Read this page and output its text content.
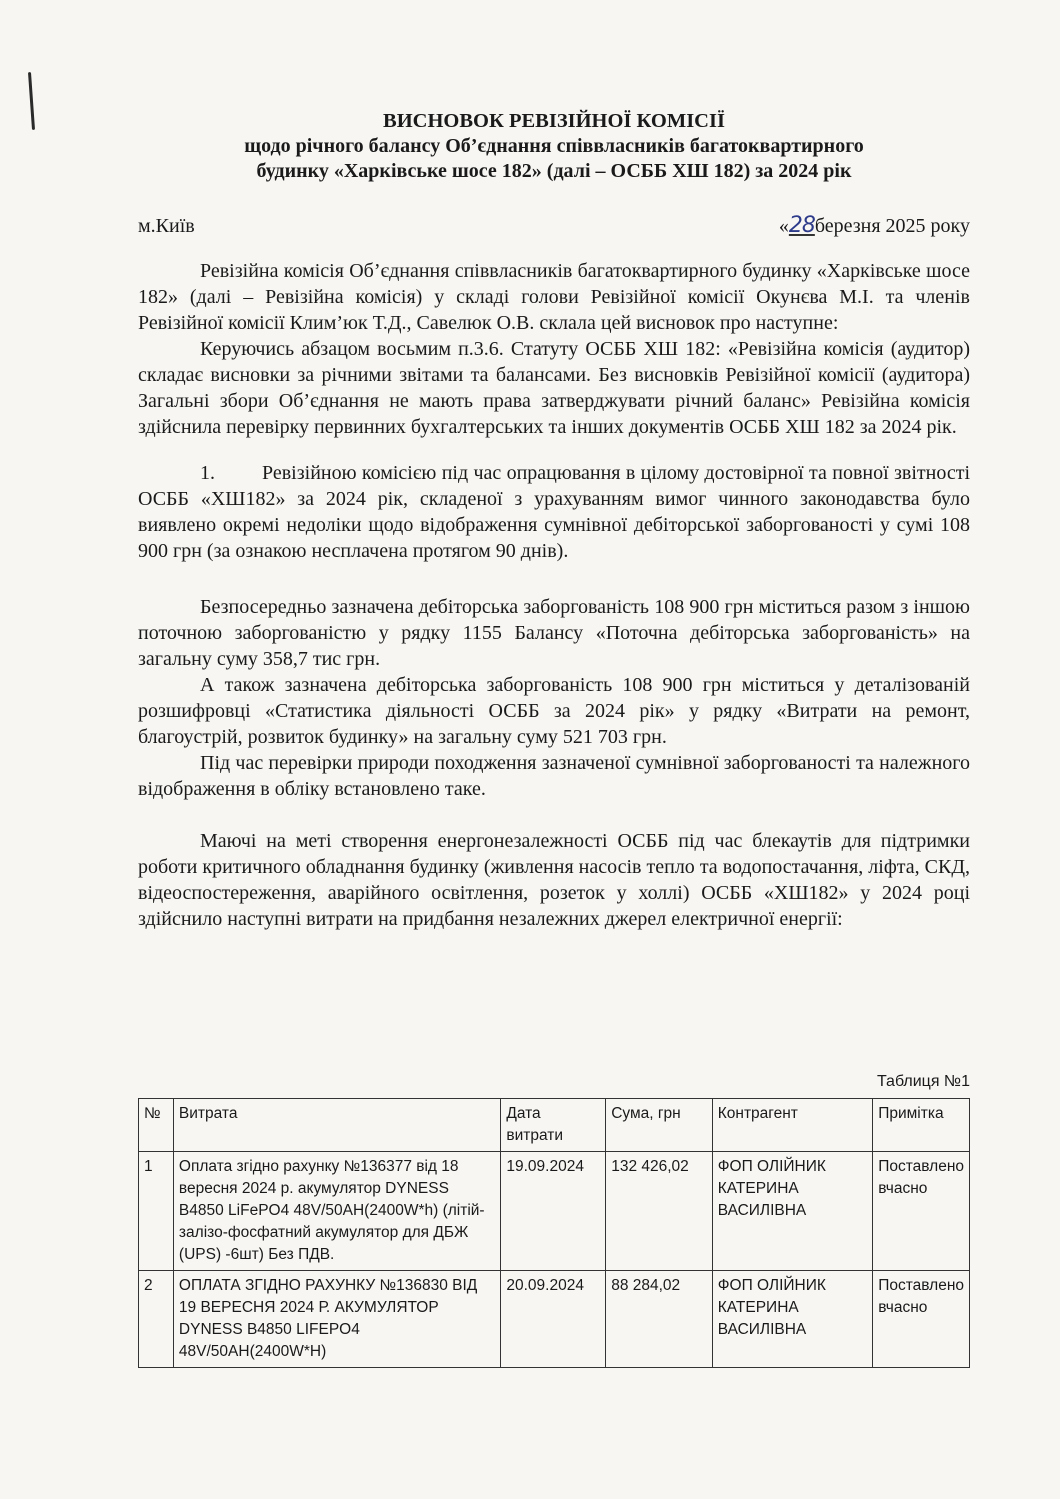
ВИСНОВОК РЕВІЗІЙНОЇ КОМІСІЇ
щодо річного балансу Об’єднання співвласників багатоквартирного
будинку «Харківське шосе 182» (далі – ОСББ ХШ 182) за 2024 рік
м.Київ	«28березня 2025 року

Ревізійна комісія Об’єднання співвласників багатоквартирного будинку «Харківське шосе 182» (далі – Ревізійна комісія) у складі голови Ревізійної комісії Окунєва М.І. та членів Ревізійної комісії Клим’юк Т.Д., Савелюк О.В. склала цей висновок про наступне:

Керуючись абзацом восьмим п.3.6. Статуту ОСББ ХШ 182: «Ревізійна комісія (аудитор) складає висновки за річними звітами та балансами. Без висновків Ревізійної комісії (аудитора) Загальні збори Об’єднання не мають права затверджувати річний баланс» Ревізійна комісія здійснила перевірку первинних бухгалтерських та інших документів ОСББ ХШ 182 за 2024 рік.

1. Ревізійною комісією під час опрацювання в цілому достовірної та повної звітності ОСББ «ХШ182» за 2024 рік, складеної з урахуванням вимог чинного законодавства було виявлено окремі недоліки щодо відображення сумнівної дебіторської заборгованості у сумі 108 900 грн (за ознакою несплачена протягом 90 днів).

Безпосередньо зазначена дебіторська заборгованість 108 900 грн міститься разом з іншою поточною заборгованістю у рядку 1155 Балансу «Поточна дебіторська заборгованість» на загальну суму 358,7 тис грн.

А також зазначена дебіторська заборгованість 108 900 грн міститься у деталізованій розшифровці «Статистика діяльності ОСББ за 2024 рік» у рядку «Витрати на ремонт, благоустрій, розвиток будинку» на загальну суму 521 703 грн.

Під час перевірки природи походження зазначеної сумнівної заборгованості та належного відображення в обліку встановлено таке.

Маючі на меті створення енергонезалежності ОСББ під час блекаутів для підтримки роботи критичного обладнання будинку (живлення насосів тепло та водопостачання, ліфта, СКД, відеоспостереження, аварійного освітлення, розеток у холлі) ОСББ «ХШ182» у 2024 році здійснило наступні витрати на придбання незалежних джерел електричної енергії:

Таблиця №1
№	Витрата	Дата витрати	Сума, грн	Контрагент	Примітка
1	Оплата згідно рахунку №136377 від 18 вересня 2024 р. акумулятор DYNESS B4850 LiFePO4 48V/50AH(2400W*h) (літій-залізо-фосфатний акумулятор для ДБЖ (UPS) -6шт) Без ПДВ.	19.09.2024	132 426,02	ФОП ОЛІЙНИК КАТЕРИНА ВАСИЛІВНА	Поставлено вчасно
2	ОПЛАТА ЗГІДНО РАХУНКУ №136830 ВІД 19 ВЕРЕСНЯ 2024 Р. АКУМУЛЯТОР DYNESS B4850 LIFEPO4 48V/50AH(2400W*H)	20.09.2024	88 284,02	ФОП ОЛІЙНИК КАТЕРИНА ВАСИЛІВНА	Поставлено вчасно
